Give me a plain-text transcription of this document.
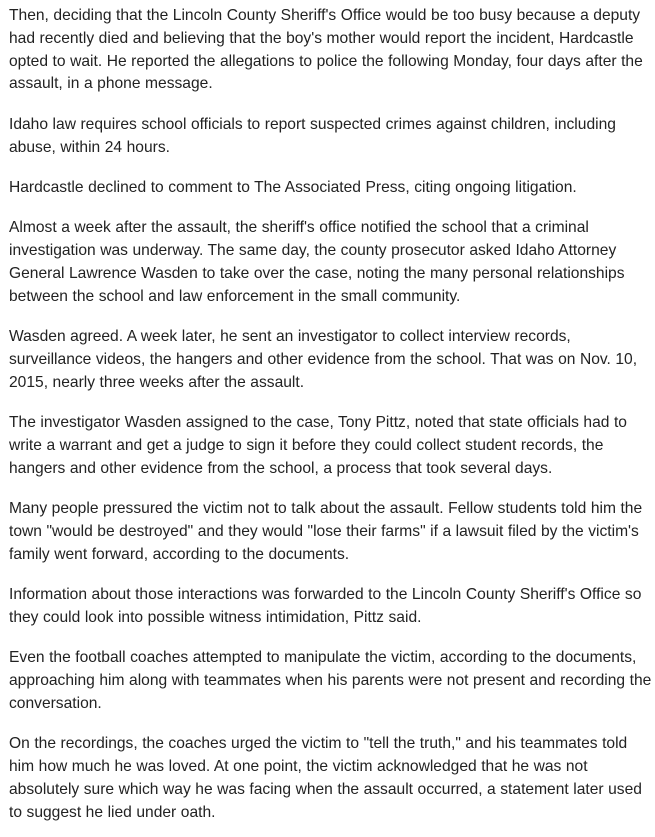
Then, deciding that the Lincoln County Sheriff's Office would be too busy because a deputy had recently died and believing that the boy's mother would report the incident, Hardcastle opted to wait. He reported the allegations to police the following Monday, four days after the assault, in a phone message.

Idaho law requires school officials to report suspected crimes against children, including abuse, within 24 hours.

Hardcastle declined to comment to The Associated Press, citing ongoing litigation.

Almost a week after the assault, the sheriff's office notified the school that a criminal investigation was underway. The same day, the county prosecutor asked Idaho Attorney General Lawrence Wasden to take over the case, noting the many personal relationships between the school and law enforcement in the small community.

Wasden agreed. A week later, he sent an investigator to collect interview records, surveillance videos, the hangers and other evidence from the school. That was on Nov. 10, 2015, nearly three weeks after the assault.

The investigator Wasden assigned to the case, Tony Pittz, noted that state officials had to write a warrant and get a judge to sign it before they could collect student records, the hangers and other evidence from the school, a process that took several days.

Many people pressured the victim not to talk about the assault. Fellow students told him the town "would be destroyed" and they would "lose their farms" if a lawsuit filed by the victim's family went forward, according to the documents.

Information about those interactions was forwarded to the Lincoln County Sheriff's Office so they could look into possible witness intimidation, Pittz said.

Even the football coaches attempted to manipulate the victim, according to the documents, approaching him along with teammates when his parents were not present and recording the conversation.

On the recordings, the coaches urged the victim to "tell the truth," and his teammates told him how much he was loved. At one point, the victim acknowledged that he was not absolutely sure which way he was facing when the assault occurred, a statement later used to suggest he lied under oath.
